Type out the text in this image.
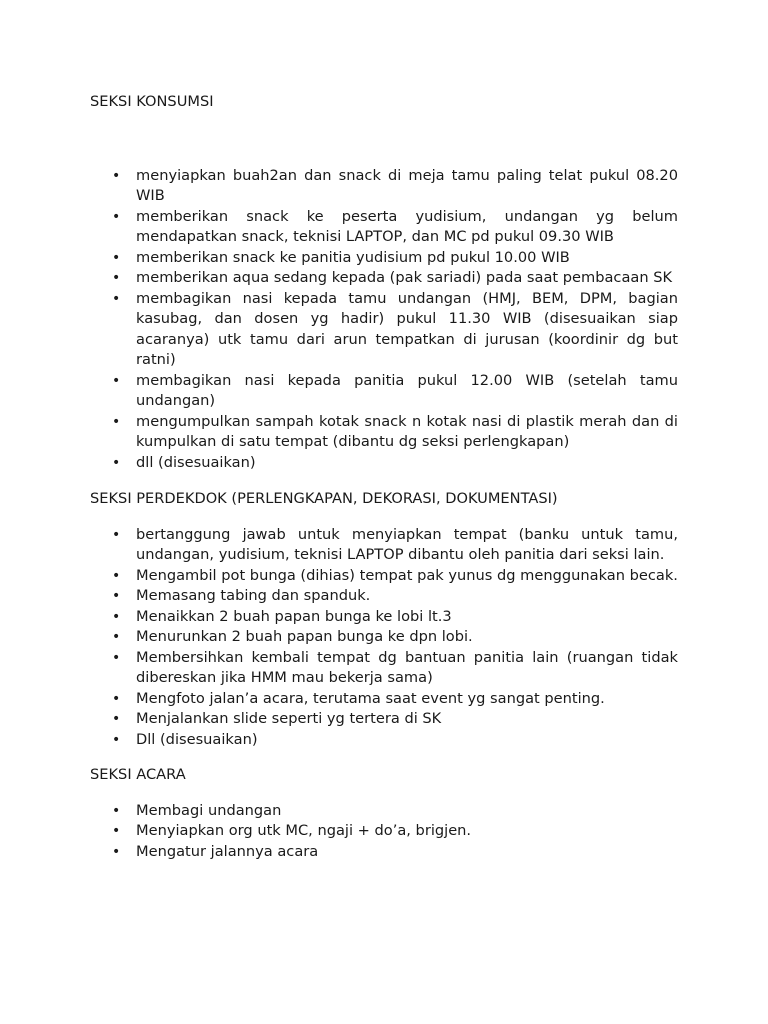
SEKSI KONSUMSI
• menyiapkan buah2an dan snack di meja tamu paling telat pukul 08.20 WIB
• memberikan snack ke peserta yudisium, undangan yg belum mendapatkan snack, teknisi LAPTOP, dan MC pd pukul 09.30 WIB
• memberikan snack ke panitia yudisium pd pukul 10.00 WIB
• memberikan aqua sedang kepada (pak sariadi) pada saat pembacaan SK
• membagikan nasi kepada tamu undangan (HMJ, BEM, DPM, bagian kasubag, dan dosen yg hadir) pukul 11.30 WIB (disesuaikan siap acaranya) utk tamu dari arun tempatkan di jurusan (koordinir dg but ratni)
• membagikan nasi kepada panitia pukul 12.00 WIB (setelah tamu undangan)
• mengumpulkan sampah kotak snack n kotak nasi di plastik merah dan di kumpulkan di satu tempat (dibantu dg seksi perlengkapan)
• dll (disesuaikan)
SEKSI PERDEKDOK (PERLENGKAPAN, DEKORASI, DOKUMENTASI)
• bertanggung jawab untuk menyiapkan tempat (banku untuk tamu, undangan, yudisium, teknisi LAPTOP dibantu oleh panitia dari seksi lain.
• Mengambil pot bunga (dihias) tempat pak yunus dg menggunakan becak.
• Memasang tabing dan spanduk.
• Menaikkan 2 buah papan bunga ke lobi lt.3
• Menurunkan 2 buah papan bunga ke dpn lobi.
• Membersihkan kembali tempat dg bantuan panitia lain (ruangan tidak dibereskan jika HMM mau bekerja sama)
• Mengfoto jalan’a acara, terutama saat event yg sangat penting.
• Menjalankan slide seperti yg tertera di SK
• Dll (disesuaikan)
SEKSI ACARA
• Membagi undangan
• Menyiapkan org utk MC, ngaji + do’a, brigjen.
• Mengatur jalannya acara
